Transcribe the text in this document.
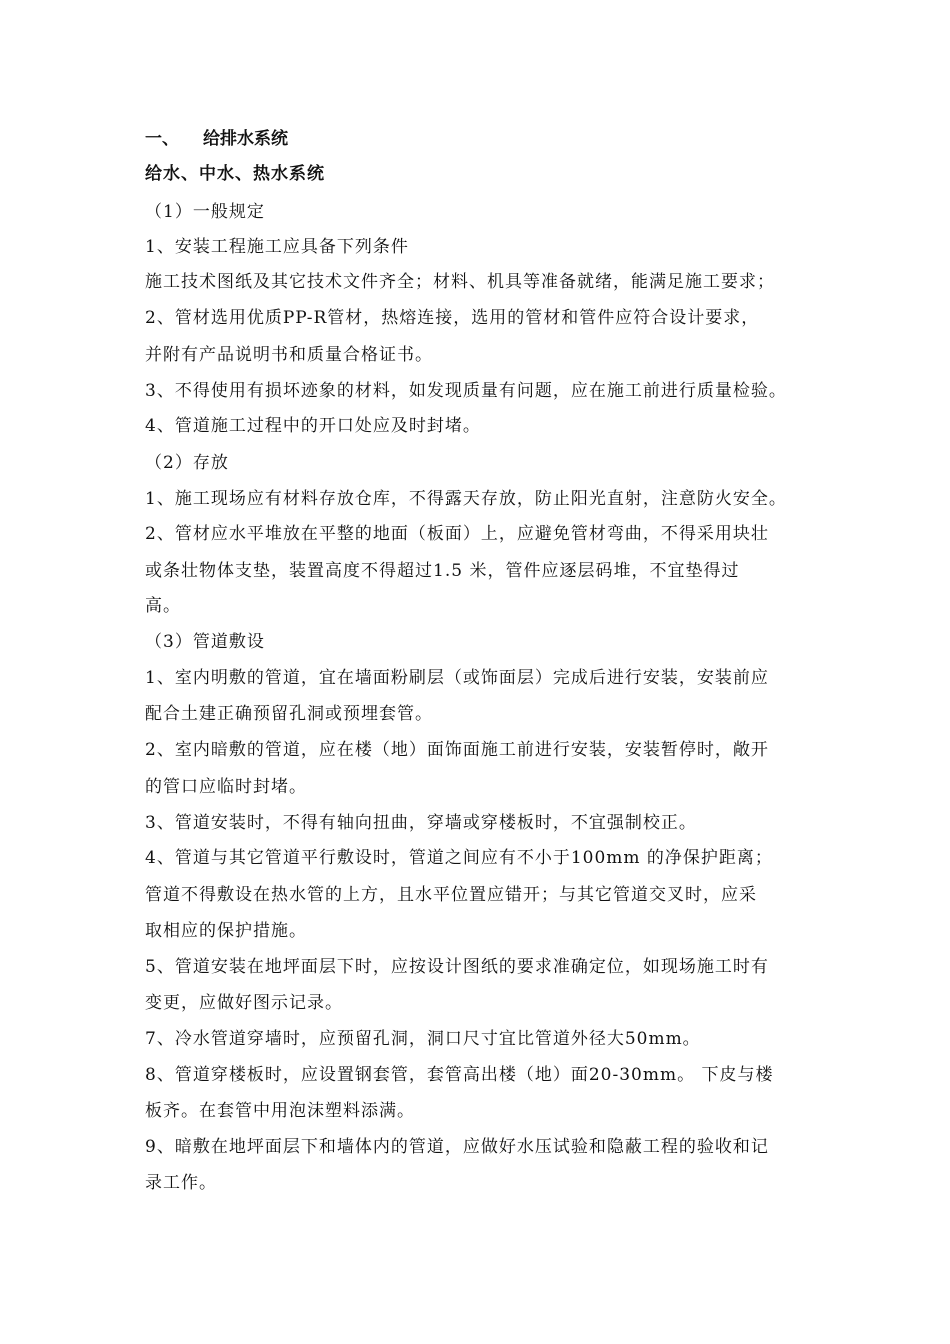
一、 给排水系统
给水、中水、热水系统
（1）一般规定
1、安装工程施工应具备下列条件
施工技术图纸及其它技术文件齐全；材料、机具等准备就绪，能满足施工要求；
2、管材选用优质PP-R管材，热熔连接，选用的管材和管件应符合设计要求，
并附有产品说明书和质量合格证书。
3、不得使用有损坏迹象的材料，如发现质量有问题，应在施工前进行质量检验。
4、管道施工过程中的开口处应及时封堵。
（2）存放
1、施工现场应有材料存放仓库，不得露天存放，防止阳光直射，注意防火安全。
2、管材应水平堆放在平整的地面（板面）上，应避免管材弯曲，不得采用块壮
或条壮物体支垫，装置高度不得超过1.5 米，管件应逐层码堆，不宜垫得过
高。
（3）管道敷设
1、室内明敷的管道，宜在墙面粉刷层（或饰面层）完成后进行安装，安装前应
配合土建正确预留孔洞或预埋套管。
2、室内暗敷的管道，应在楼（地）面饰面施工前进行安装，安装暂停时，敞开
的管口应临时封堵。
3、管道安装时，不得有轴向扭曲，穿墙或穿楼板时，不宜强制校正。
4、管道与其它管道平行敷设时，管道之间应有不小于100mm 的净保护距离；
管道不得敷设在热水管的上方，且水平位置应错开；与其它管道交叉时，应采
取相应的保护措施。
5、管道安装在地坪面层下时，应按设计图纸的要求准确定位，如现场施工时有
变更，应做好图示记录。
7、冷水管道穿墙时，应预留孔洞，洞口尺寸宜比管道外径大50mm。
8、管道穿楼板时，应设置钢套管，套管高出楼（地）面20-30mm。 下皮与楼
板齐。在套管中用泡沫塑料添满。
9、暗敷在地坪面层下和墙体内的管道，应做好水压试验和隐蔽工程的验收和记
录工作。
